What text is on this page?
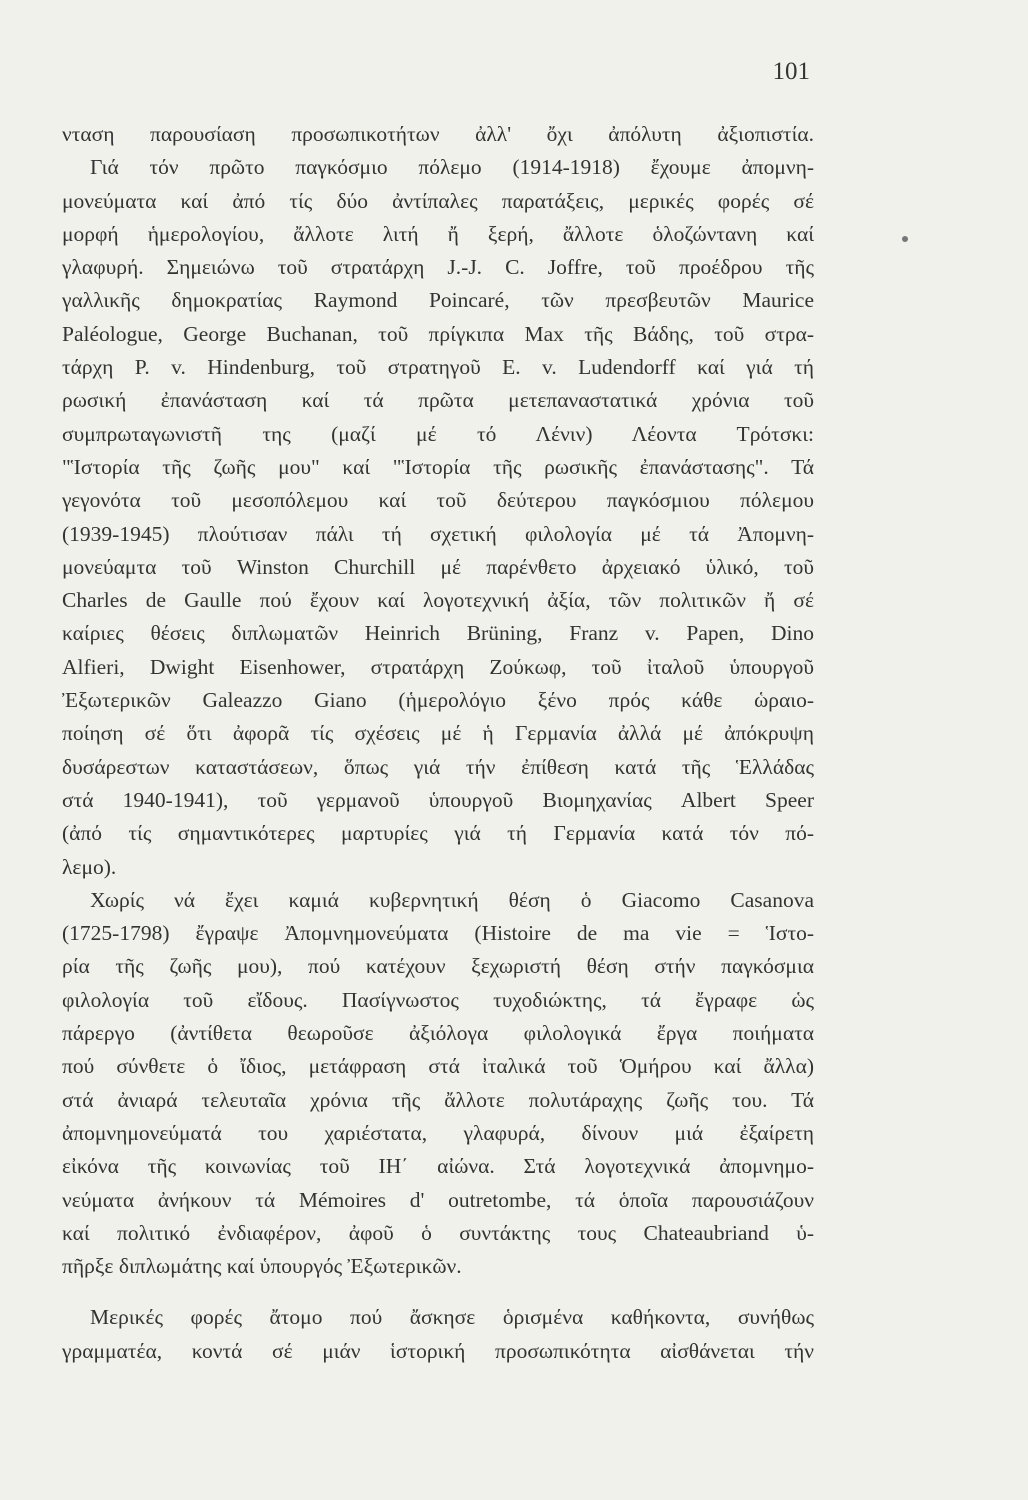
101

νταση παρουσίαση προσωπικοτήτων ἀλλ' ὄχι ἀπόλυτη ἀξιοπιστία.

Γιά τόν πρῶτο παγκόσμιο πόλεμο (1914-1918) ἔχουμε ἀπομνη-

μονεύματα καί ἀπό τίς δύο ἀντίπαλες παρατάξεις, μερικές φορές σέ

μορφή ἡμερολογίου, ἄλλοτε λιτή ἤ ξερή, ἄλλοτε ὁλοζώντανη καί

γλαφυρή. Σημειώνω τοῦ στρατάρχη J.-J. C. Joffre, τοῦ προέδρου τῆς

γαλλικῆς δημοκρατίας Raymond Poincaré, τῶν πρεσβευτῶν Maurice

Paléologue, George Buchanan, τοῦ πρίγκιπα Max τῆς Βάδης, τοῦ στρα-

τάρχη P. v. Hindenburg, τοῦ στρατηγοῦ E. v. Ludendorff καί γιά τή

ρωσική ἐπανάσταση καί τά πρῶτα μετεπαναστατικά χρόνια τοῦ

συμπρωταγωνιστῆ της (μαζί μέ τό Λένιν) Λέοντα Τρότσκι:

"Ἱστορία τῆς ζωῆς μου" καί "Ἱστορία τῆς ρωσικῆς ἐπανάστασης". Τά

γεγονότα τοῦ μεσοπόλεμου καί τοῦ δεύτερου παγκόσμιου πόλεμου

(1939-1945) πλούτισαν πάλι τή σχετική φιλολογία μέ τά Ἀπομνη-

μονεύαμτα τοῦ Winston Churchill μέ παρένθετο ἀρχειακό ὑλικό, τοῦ

Charles de Gaulle πού ἔχουν καί λογοτεχνική ἀξία, τῶν πολιτικῶν ἤ σέ

καίριες θέσεις διπλωματῶν Heinrich Brüning, Franz v. Papen, Dino

Alfieri, Dwight Eisenhower, στρατάρχη Ζούκωφ, τοῦ ἰταλοῦ ὑπουργοῦ

Ἐξωτερικῶν Galeazzo Giano (ἡμερολόγιο ξένο πρός κάθε ὡραιο-

ποίηση σέ ὅτι ἀφορᾶ τίς σχέσεις μέ ἡ Γερμανία ἀλλά μέ ἀπόκρυψη

δυσάρεστων καταστάσεων, ὅπως γιά τήν ἐπίθεση κατά τῆς Ἑλλάδας

στά 1940-1941), τοῦ γερμανοῦ ὑπουργοῦ Βιομηχανίας Albert Speer

(ἀπό τίς σημαντικότερες μαρτυρίες γιά τή Γερμανία κατά τόν πό-

λεμο).

Χωρίς νά ἔχει καμιά κυβερνητική θέση ὁ Giacomo Casanova

(1725-1798) ἔγραψε Ἀπομνημονεύματα (Histoire de ma vie = Ἱστο-

ρία τῆς ζωῆς μου), πού κατέχουν ξεχωριστή θέση στήν παγκόσμια

φιλολογία τοῦ εἴδους. Πασίγνωστος τυχοδιώκτης, τά ἔγραφε ὡς

πάρεργο (ἀντίθετα θεωροῦσε ἀξιόλογα φιλολογικά ἔργα ποιήματα

πού σύνθετε ὁ ἴδιος, μετάφραση στά ἰταλικά τοῦ Ὁμήρου καί ἄλλα)

στά ἀνιαρά τελευταῖα χρόνια τῆς ἄλλοτε πολυτάραχης ζωῆς του. Τά

ἀπομνημονεύματά του χαριέστατα, γλαφυρά, δίνουν μιά ἐξαίρετη

εἰκόνα τῆς κοινωνίας τοῦ ΙΗ΄ αἰώνα. Στά λογοτεχνικά ἀπομνημο-

νεύματα ἀνήκουν τά Mémoires d' outretombe, τά ὁποῖα παρουσιάζουν

καί πολιτικό ἐνδιαφέρον, ἀφοῦ ὁ συντάκτης τους Chateaubriand ὑ-

πῆρξε διπλωμάτης καί ὑπουργός Ἐξωτερικῶν.

Μερικές φορές ἄτομο πού ἄσκησε ὁρισμένα καθήκοντα, συνήθως

γραμματέα, κοντά σέ μιάν ἱστορική προσωπικότητα αἰσθάνεται τήν
